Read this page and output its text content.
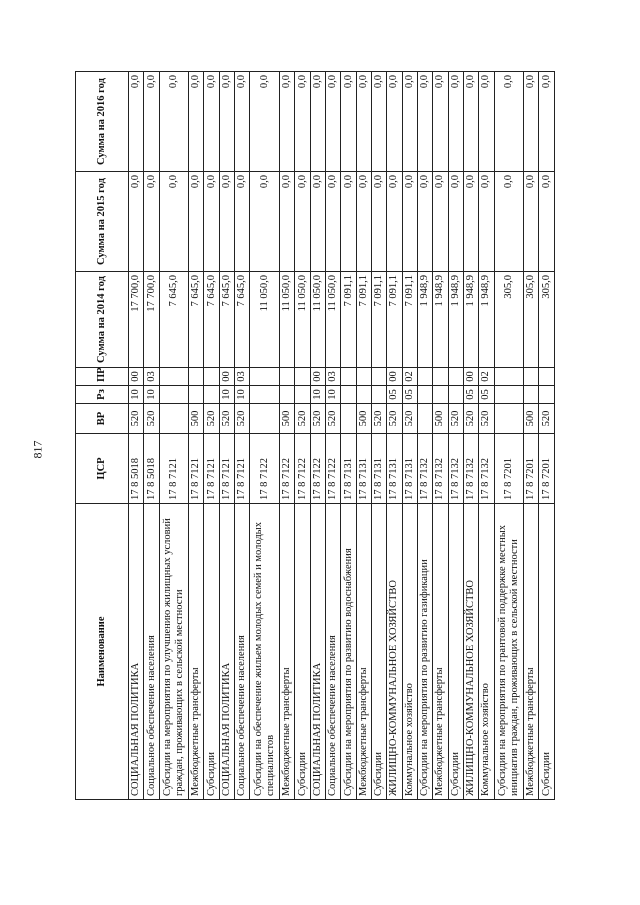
817
Наименование	ЦСР	ВР	Рз	ПР	Сумма на 2014 год	Сумма на 2015 год	Сумма на 2016 год
СОЦИАЛЬНАЯ ПОЛИТИКА	17 8 5018	520	10	00	17 700,0	0,0	0,0
Социальное обеспечение населения	17 8 5018	520	10	03	17 700,0	0,0	0,0
Субсидии на мероприятия по улучшению жилищных условий граждан, проживающих в сельской местности	17 8 7121				7 645,0	0,0	0,0
Межбюджетные трансферты	17 8 7121	500			7 645,0	0,0	0,0
Субсидии	17 8 7121	520			7 645,0	0,0	0,0
СОЦИАЛЬНАЯ ПОЛИТИКА	17 8 7121	520	10	00	7 645,0	0,0	0,0
Социальное обеспечение населения	17 8 7121	520	10	03	7 645,0	0,0	0,0
Субсидии на обеспечение жильем молодых семей и молодых специалистов	17 8 7122				11 050,0	0,0	0,0
Межбюджетные трансферты	17 8 7122	500			11 050,0	0,0	0,0
Субсидии	17 8 7122	520			11 050,0	0,0	0,0
СОЦИАЛЬНАЯ ПОЛИТИКА	17 8 7122	520	10	00	11 050,0	0,0	0,0
Социальное обеспечение населения	17 8 7122	520	10	03	11 050,0	0,0	0,0
Субсидии на мероприятия по развитию водоснабжения	17 8 7131				7 091,1	0,0	0,0
Межбюджетные трансферты	17 8 7131	500			7 091,1	0,0	0,0
Субсидии	17 8 7131	520			7 091,1	0,0	0,0
ЖИЛИЩНО-КОММУНАЛЬНОЕ ХОЗЯЙСТВО	17 8 7131	520	05	00	7 091,1	0,0	0,0
Коммунальное хозяйство	17 8 7131	520	05	02	7 091,1	0,0	0,0
Субсидии на мероприятия по развитию газификации	17 8 7132				1 948,9	0,0	0,0
Межбюджетные трансферты	17 8 7132	500			1 948,9	0,0	0,0
Субсидии	17 8 7132	520			1 948,9	0,0	0,0
ЖИЛИЩНО-КОММУНАЛЬНОЕ ХОЗЯЙСТВО	17 8 7132	520	05	00	1 948,9	0,0	0,0
Коммунальное хозяйство	17 8 7132	520	05	02	1 948,9	0,0	0,0
Субсидии на мероприятия по грантовой поддержке местных инициатив граждан, проживающих в сельской местности	17 8 7201				305,0	0,0	0,0
Межбюджетные трансферты	17 8 7201	500			305,0	0,0	0,0
Субсидии	17 8 7201	520			305,0	0,0	0,0
